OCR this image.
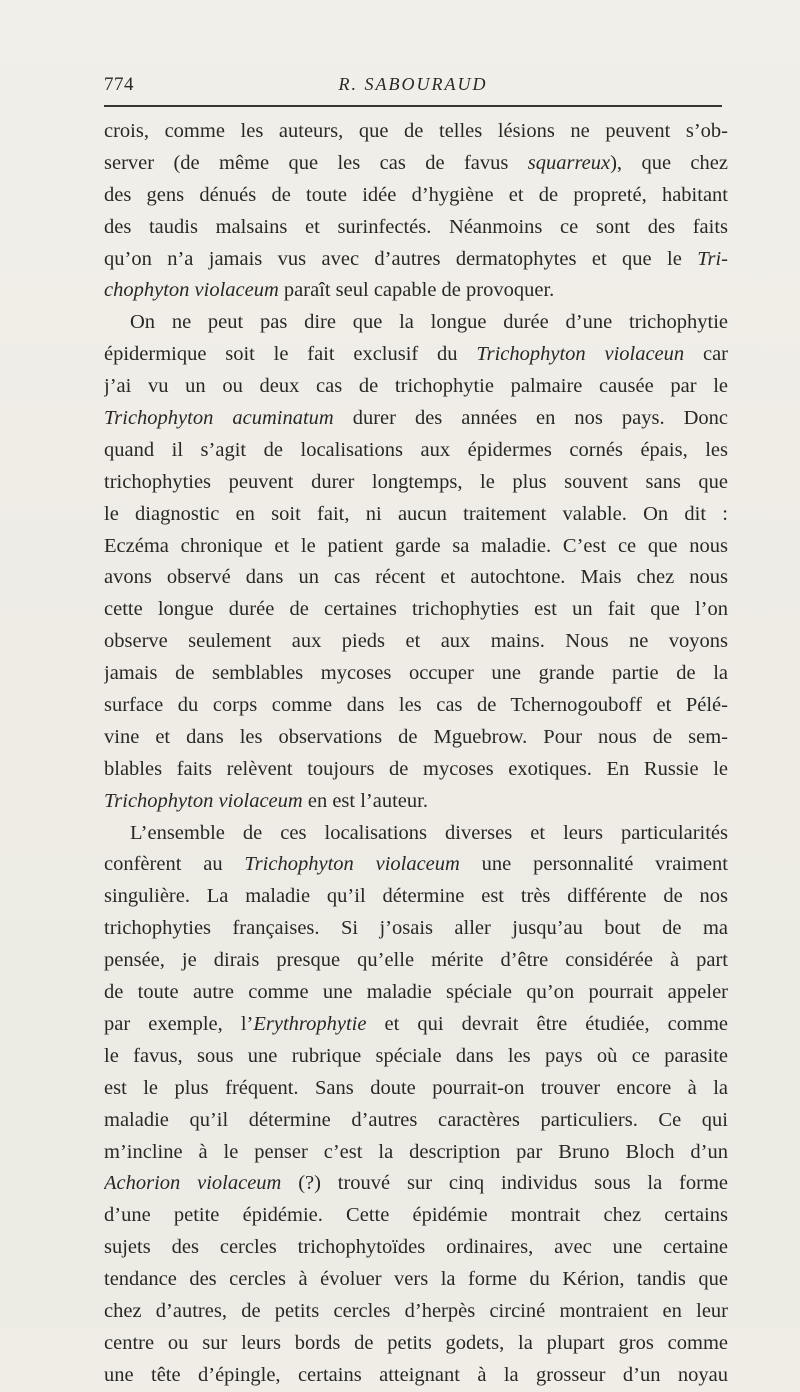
774	R. SABOURAUD
crois, comme les auteurs, que de telles lésions ne peuvent s’ob-
server (de même que les cas de favus squarreux), que chez
des gens dénués de toute idée d’hygiène et de propreté, habitant
des taudis malsains et surinfectés. Néanmoins ce sont des faits
qu’on n’a jamais vus avec d’autres dermatophytes et que le Tri-
chophyton violaceum paraît seul capable de provoquer.
On ne peut pas dire que la longue durée d’une trichophytie
épidermique soit le fait exclusif du Trichophyton violaceun car
j’ai vu un ou deux cas de trichophytie palmaire causée par le
Trichophyton acuminatum durer des années en nos pays. Donc
quand il s’agit de localisations aux épidermes cornés épais, les
trichophyties peuvent durer longtemps, le plus souvent sans que
le diagnostic en soit fait, ni aucun traitement valable. On dit :
Eczéma chronique et le patient garde sa maladie. C’est ce que nous
avons observé dans un cas récent et autochtone. Mais chez nous
cette longue durée de certaines trichophyties est un fait que l’on
observe seulement aux pieds et aux mains. Nous ne voyons
jamais de semblables mycoses occuper une grande partie de la
surface du corps comme dans les cas de Tchernogouboff et Pélé-
vine et dans les observations de Mguebrow. Pour nous de sem-
blables faits relèvent toujours de mycoses exotiques. En Russie le
Trichophyton violaceum en est l’auteur.
L’ensemble de ces localisations diverses et leurs particularités
confèrent au Trichophyton violaceum une personnalité vraiment
singulière. La maladie qu’il détermine est très différente de nos
trichophyties françaises. Si j’osais aller jusqu’au bout de ma
pensée, je dirais presque qu’elle mérite d’être considérée à part
de toute autre comme une maladie spéciale qu’on pourrait appeler
par exemple, l’Erythrophytie et qui devrait être étudiée, comme
le favus, sous une rubrique spéciale dans les pays où ce parasite
est le plus fréquent. Sans doute pourrait-on trouver encore à la
maladie qu’il détermine d’autres caractères particuliers. Ce qui
m’incline à le penser c’est la description par Bruno Bloch d’un
Achorion violaceum (?) trouvé sur cinq individus sous la forme
d’une petite épidémie. Cette épidémie montrait chez certains
sujets des cercles trichophytoïdes ordinaires, avec une certaine
tendance des cercles à évoluer vers la forme du Kérion, tandis que
chez d’autres, de petits cercles d’herpès circiné montraient en leur
centre ou sur leurs bords de petits godets, la plupart gros comme
une tête d’épingle, certains atteignant à la grosseur d’un noyau
